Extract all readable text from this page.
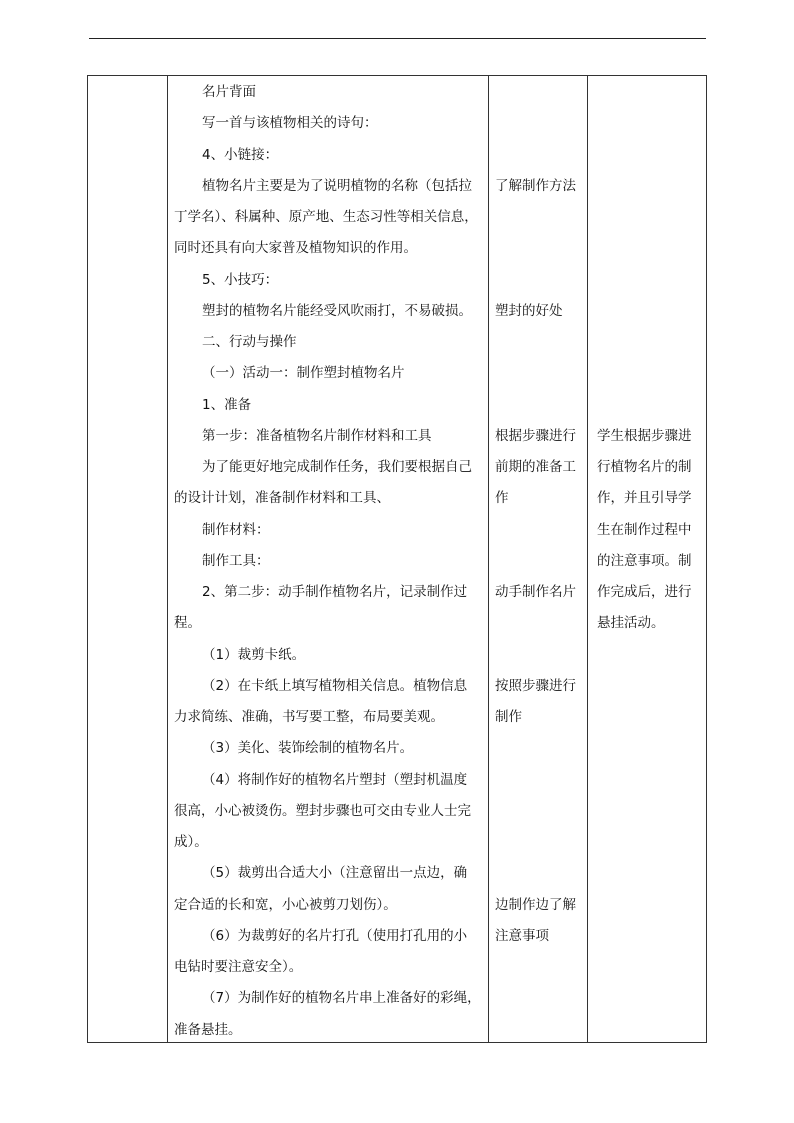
名片背面
写一首与该植物相关的诗句：
4、小链接：
植物名片主要是为了说明植物的名称（包括拉
丁学名）、科属种、原产地、生态习性等相关信息，
同时还具有向大家普及植物知识的作用。
5、小技巧：
塑封的植物名片能经受风吹雨打，不易破损。
二、行动与操作
（一）活动一：制作塑封植物名片
1、准备
第一步：准备植物名片制作材料和工具
为了能更好地完成制作任务，我们要根据自己
的设计计划，准备制作材料和工具、
制作材料：
制作工具：
2、第二步：动手制作植物名片，记录制作过
程。
（1）裁剪卡纸。
（2）在卡纸上填写植物相关信息。植物信息
力求简练、准确，书写要工整，布局要美观。
（3）美化、装饰绘制的植物名片。
（4）将制作好的植物名片塑封（塑封机温度
很高，小心被烫伤。塑封步骤也可交由专业人士完
成）。
（5）裁剪出合适大小（注意留出一点边，确
定合适的长和宽，小心被剪刀划伤）。
（6）为裁剪好的名片打孔（使用打孔用的小
电钻时要注意安全）。
（7）为制作好的植物名片串上准备好的彩绳，
准备悬挂。
了解制作方法
塑封的好处
根据步骤进行
前期的准备工
作
动手制作名片
按照步骤进行
制作
边制作边了解
注意事项
学生根据步骤进
行植物名片的制
作，并且引导学
生在制作过程中
的注意事项。制
作完成后，进行
悬挂活动。
